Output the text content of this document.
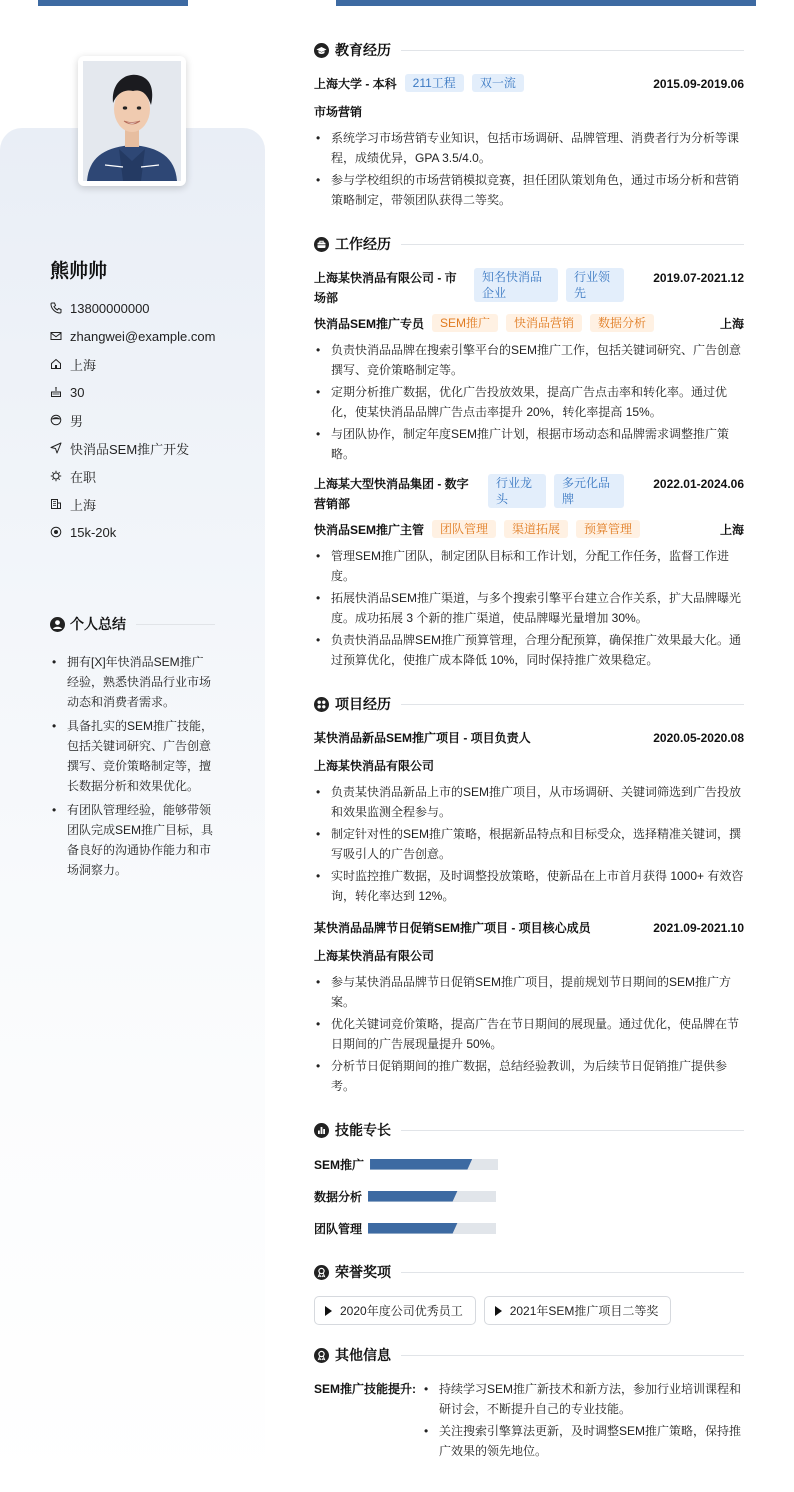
熊帅帅
13800000000
zhangwei@example.com
上海
30
男
快消品SEM推广开发
在职
上海
15k-20k
个人总结
• 拥有[X]年快消品SEM推广经验，熟悉快消品行业市场动态和消费者需求。
• 具备扎实的SEM推广技能，包括关键词研究、广告创意撰写、竞价策略制定等，擅长数据分析和效果优化。
• 有团队管理经验，能够带领团队完成SEM推广目标，具备良好的沟通协作能力和市场洞察力。
教育经历
上海大学 - 本科	211工程	双一流	2015.09-2019.06
市场营销
• 系统学习市场营销专业知识，包括市场调研、品牌管理、消费者行为分析等课程，成绩优异，GPA 3.5/4.0。
• 参与学校组织的市场营销模拟竞赛，担任团队策划角色，通过市场分析和营销策略制定，带领团队获得二等奖。
工作经历
上海某快消品有限公司 - 市场部
知名快消品企业
行业领先
2019.07-2021.12
快消品SEM推广专员	SEM推广	快消品营销	数据分析	上海
• 负责快消品品牌在搜索引擎平台的SEM推广工作，包括关键词研究、广告创意撰写、竞价策略制定等。
• 定期分析推广数据，优化广告投放效果，提高广告点击率和转化率。通过优化，使某快消品品牌广告点击率提升 20%，转化率提高 15%。
• 与团队协作，制定年度SEM推广计划，根据市场动态和品牌需求调整推广策略。
上海某大型快消品集团 - 数字营销部
行业龙头
多元化品牌
2022.01-2024.06
快消品SEM推广主管	团队管理	渠道拓展	预算管理	上海
• 管理SEM推广团队，制定团队目标和工作计划，分配工作任务，监督工作进度。
• 拓展快消品SEM推广渠道，与多个搜索引擎平台建立合作关系，扩大品牌曝光度。成功拓展 3 个新的推广渠道，使品牌曝光量增加 30%。
• 负责快消品品牌SEM推广预算管理，合理分配预算，确保推广效果最大化。通过预算优化，使推广成本降低 10%，同时保持推广效果稳定。
项目经历
某快消品新品SEM推广项目 - 项目负责人	2020.05-2020.08
上海某快消品有限公司
• 负责某快消品新品上市的SEM推广项目，从市场调研、关键词筛选到广告投放和效果监测全程参与。
• 制定针对性的SEM推广策略，根据新品特点和目标受众，选择精准关键词，撰写吸引人的广告创意。
• 实时监控推广数据，及时调整投放策略，使新品在上市首月获得 1000+ 有效咨询，转化率达到 12%。
某快消品品牌节日促销SEM推广项目 - 项目核心成员	2021.09-2021.10
上海某快消品有限公司
• 参与某快消品品牌节日促销SEM推广项目，提前规划节日期间的SEM推广方案。
• 优化关键词竞价策略，提高广告在节日期间的展现量。通过优化，使品牌在节日期间的广告展现量提升 50%。
• 分析节日促销期间的推广数据，总结经验教训，为后续节日促销推广提供参考。
技能专长
SEM推广
数据分析
团队管理
荣誉奖项
2020年度公司优秀员工	2021年SEM推广项目二等奖
其他信息
SEM推广技能提升:
•	持续学习SEM推广新技术和新方法，参加行业培训课程和研讨会，不断提升自己的专业技能。
• 关注搜索引擎算法更新，及时调整SEM推广策略，保持推广效果的领先地位。
